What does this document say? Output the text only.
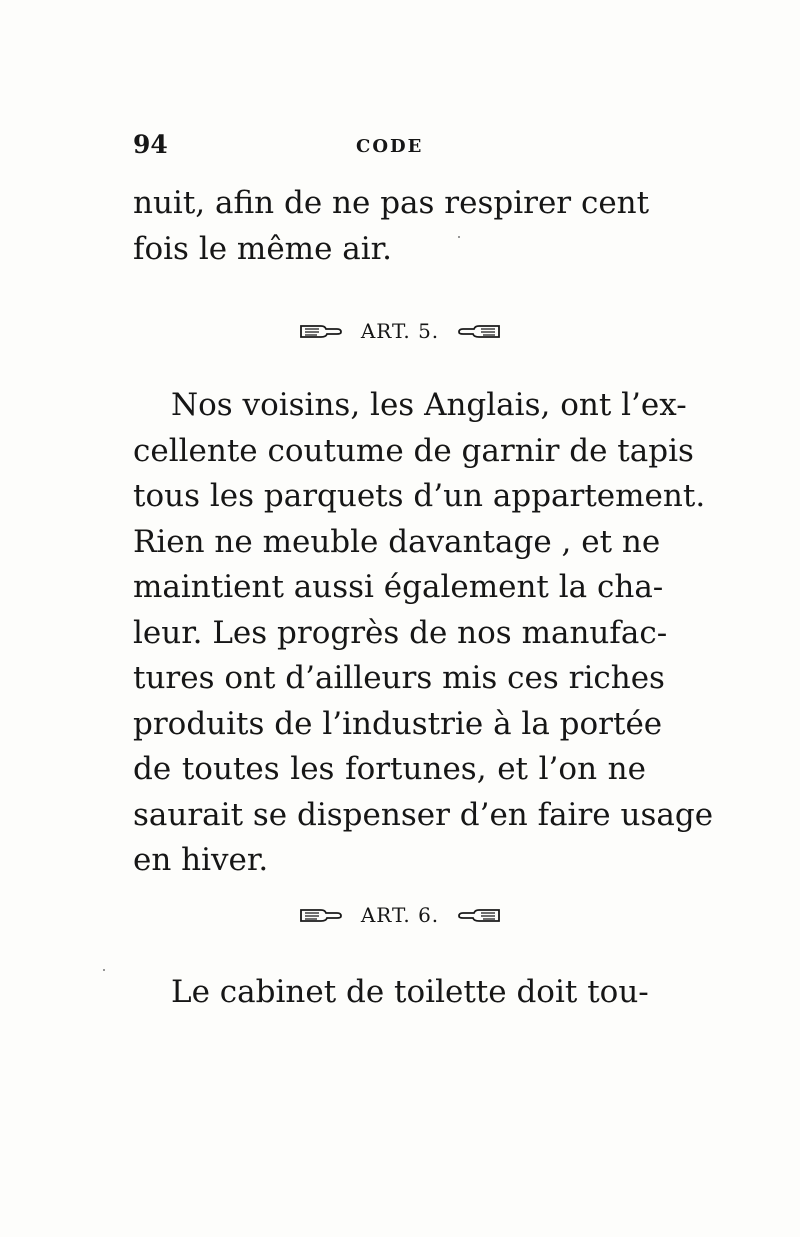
94	CODE
nuit, afin de ne pas respirer cent
fois le même air.
ART. 5.
Nos voisins, les Anglais, ont l’ex-
cellente coutume de garnir de tapis
tous les parquets d’un appartement.
Rien ne meuble davantage , et ne
maintient aussi également la cha-
leur. Les progrès de nos manufac-
tures ont d’ailleurs mis ces riches
produits de l’industrie à la portée
de toutes les fortunes, et l’on ne
saurait se dispenser d’en faire usage
en hiver.
ART. 6.
Le cabinet de toilette doit tou-
